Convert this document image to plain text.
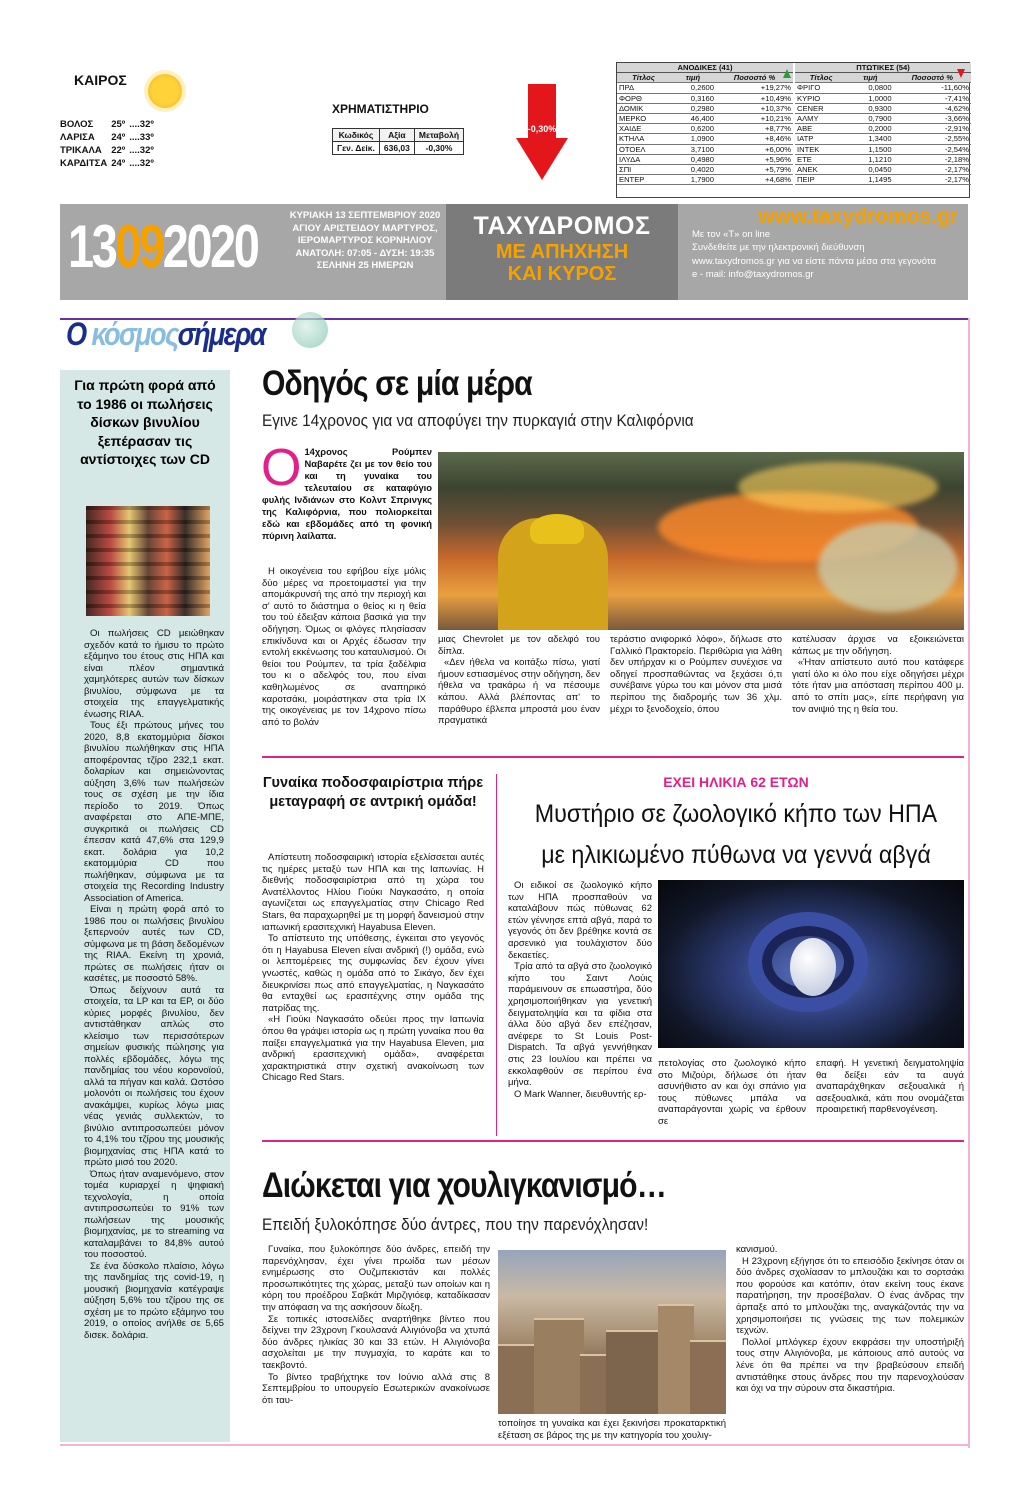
ΚΑΙΡΟΣ
ΒΟΛΟΣ	25º	....32º
ΛΑΡΙΣΑ	24º	....33º
ΤΡΙΚΑΛΑ	22º	....32º
ΚΑΡΔΙΤΣΑ	24º	....32º
ΧΡΗΜΑΤΙΣΤΗΡΙΟ
Κωδικός	Αξία	Μεταβολή
Γεν. Δείκ.	636,03	-0,30%
-0,30%
ΑΝΟΔΙΚΕΣ (41)		
Τίτλος	τιμή	Ποσοστό %
ΠΡΔ	0,2600	+19,27%
ΦΟΡΘ	0,3160	+10,49%
ΔΟΜΙΚ	0,2980	+10,37%
ΜΕΡΚΟ	46,400	+10,21%
ΧΑΙΔΕ	0,6200	+8,77%
ΚΤΗΛΑ	1,0900	+8,46%
ΟΤΟΕΛ	3,7100	+6,00%
ΙΛΥΔΑ	0,4980	+5,96%
ΣΠΙ	0,4020	+5,79%
ΕΝΤΕΡ	1,7900	+4,68%
ΠΤΩΤΙΚΕΣ (54)		
Τίτλος	τιμή	Ποσοστό %
ΦΡΙΓΟ	0,0800	-11,60%
ΚΥΡΙΟ	1,0000	-7,41%
CENER	0,9300	-4,62%
ΑΛΜΥ	0,7900	-3,66%
ΑΒΕ	0,2000	-2,91%
ΙΑΤΡ	1,3400	-2,55%
ΙΝΤΕΚ	1,1500	-2,54%
ΕΤΕ	1,1210	-2,18%
ΑΝΕΚ	0,0450	-2,17%
ΠΕΙΡ	1,1495	-2,17%
13092020	ΚΥΡΙΑΚΗ 13 ΣΕΠΤΕΜΒΡΙΟΥ 2020
ΑΓΙΟΥ ΑΡΙΣΤΕΙΔΟΥ ΜΑΡΤΥΡΟΣ,
ΙΕΡΟΜΑΡΤΥΡΟΣ ΚΟΡΝΗΛΙΟΥ
ΑΝΑΤΟΛΗ: 07:05 - ΔΥΣΗ: 19:35
ΣΕΛΗΝΗ 25 ΗΜΕΡΩΝ
ΤΑΧΥΔΡΟΜΟΣ
ΜΕ ΑΠΗΧΗΣΗ
ΚΑΙ ΚΥΡΟΣ
www.taxydromos.gr
Με τον «Τ» on line
Συνδεθείτε με την ηλεκτρονική διεύθυνση
www.taxydromos.gr για να είστε πάντα μέσα στα γεγονότα
e - mail: info@taxydromos.gr
Ο κόσμοςσήμερα
Για πρώτη φορά από το 1986 οι πωλήσεις δίσκων βινυλίου ξεπέρασαν τις αντίστοιχες των CD

Οι πωλήσεις CD μειώθηκαν σχεδόν κατά το ήμισυ το πρώτο εξάμηνο του έτους στις ΗΠΑ και είναι πλέον σημαντικά χαμηλότερες αυτών των δίσκων βινυλίου, σύμφωνα με τα στοιχεία της επαγγελματικής ένωσης RIAA.

Τους έξι πρώτους μήνες του 2020, 8,8 εκατομμύρια δίσκοι βινυλίου πωλήθηκαν στις ΗΠΑ αποφέροντας τζίρο 232,1 εκατ. δολαρίων και σημειώνοντας αύξηση 3,6% των πωλήσεών τους σε σχέση με την ίδια περίοδο το 2019. Όπως αναφέρεται στο ΑΠΕ-ΜΠΕ, συγκριτικά οι πωλήσεις CD έπεσαν κατά 47,6% στα 129,9 εκατ. δολάρια για 10,2 εκατομμύρια CD που πωλήθηκαν, σύμφωνα με τα στοιχεία της Recording Industry Association of America.

Είναι η πρώτη φορά από το 1986 που οι πωλήσεις βινυλίου ξεπερνούν αυτές των CD, σύμφωνα με τη βάση δεδομένων της RIAA. Εκείνη τη χρονιά, πρώτες σε πωλήσεις ήταν οι κασέτες, με ποσοστό 58%.

Όπως δείχνουν αυτά τα στοιχεία, τα LP και τα EP, οι δύο κύριες μορφές βινυλίου, δεν αντιστάθηκαν απλώς στο κλείσιμο των περισσότερων σημείων φυσικής πώλησης για πολλές εβδομάδες, λόγω της πανδημίας του νέου κορονοϊού, αλλά τα πήγαν και καλά. Ωστόσο μολονότι οι πωλήσεις του έχουν ανακάμψει, κυρίως λόγω μιας νέας γενιάς συλλεκτών, το βινύλιο αντιπροσωπεύει μόνον το 4,1% του τζίρου της μουσικής βιομηχανίας στις ΗΠΑ κατά το πρώτο μισό του 2020.

Όπως ήταν αναμενόμενο, στον τομέα κυριαρχεί η ψηφιακή τεχνολογία, η οποία αντιπροσωπεύει το 91% των πωλήσεων της μουσικής βιομηχανίας, με το streaming να καταλαμβάνει το 84,8% αυτού του ποσοστού.

Σε ένα δύσκολο πλαίσιο, λόγω της πανδημίας της covid-19, η μουσική βιομηχανία κατέγραψε αύξηση 5,6% του τζίρου της σε σχέση με το πρώτο εξάμηνο του 2019, ο οποίος ανήλθε σε 5,65 δισεκ. δολάρια.

Οδηγός σε μία μέρα
Εγινε 14χρονος για να αποφύγει την πυρκαγιά στην Καλιφόρνια
Ο 14χρονος Ρούμπεν Ναβαρέτε ζει με τον θείο του και τη γυναίκα του τελευταίου σε καταφύγιο φυλής Ινδιάνων στο Κολντ Σπρινγκς της Καλιφόρνια, που πολιορκείται εδώ και εβδομάδες από τη φονική πύρινη λαίλαπα.

Η οικογένεια του εφήβου είχε μόλις δύο μέρες να προετοιμαστεί για την απομάκρυνσή της από την περιοχή και σ' αυτό το διάστημα ο θείος κι η θεία του τού έδειξαν κάποια βασικά για την οδήγηση. Όμως οι φλόγες πλησίασαν επικίνδυνα και οι Αρχές έδωσαν την εντολή εκκένωσης του καταυλισμού. Οι θείοι του Ρούμπεν, τα τρία ξαδέλφια του κι ο αδελφός του, που είναι καθηλωμένος σε αναπηρικό καροτσάκι, μοιράστηκαν στα τρία ΙΧ της οικογένειας με τον 14χρονο πίσω από το βολάν

μιας Chevrolet με τον αδελφό του δίπλα.

«Δεν ήθελα να κοιτάξω πίσω, γιατί ήμουν εστιασμένος στην οδήγηση, δεν ήθελα να τρακάρω ή να πέσουμε κάπου. Αλλά βλέποντας απ' το παράθυρο έβλεπα μπροστά μου έναν πραγματικά

τεράστιο ανιφορικό λόφο», δήλωσε στο Γαλλικό Πρακτορείο. Περιθώρια για λάθη δεν υπήρχαν κι ο Ρούμπεν συνέχισε να οδηγεί προσπαθώντας να ξεχάσει ό,τι συνέβαινε γύρω του και μόνον στα μισά περίπου της διαδρομής των 36 χλμ. μέχρι το ξενοδοχείο, όπου

κατέλυσαν άρχισε να εξοικειώνεται κάπως με την οδήγηση.

«Ήταν απίστευτο αυτό που κατάφερε γιατί όλο κι όλο που είχε οδηγήσει μέχρι τότε ήταν μια απόσταση περίπου 400 μ. από το σπίτι μας», είπε περήφανη για τον ανιψιό της η θεία του.

Γυναίκα ποδοσφαιρίστρια πήρε μεταγραφή σε αντρική ομάδα!

Απίστευτη ποδοσφαιρική ιστορία εξελίσσεται αυτές τις ημέρες μεταξύ των ΗΠΑ και της Ιαπωνίας. Η διεθνής ποδοσφαιρίστρια από τη χώρα του Ανατέλλοντος Ηλίου Γιούκι Ναγκασάτο, η οποία αγωνίζεται ως επαγγελματίας στην Chicago Red Stars, θα παραχωρηθεί με τη μορφή δανεισμού στην ιαπωνική ερασιτεχνική Hayabusa Eleven.

Το απίστευτο της υπόθεσης, έγκειται στο γεγονός ότι η Hayabusa Eleven είναι ανδρική (!) ομάδα, ενώ οι λεπτομέρειες της συμφωνίας δεν έχουν γίνει γνωστές, καθώς η ομάδα από το Σικάγο, δεν έχει διευκρινίσει πως από επαγγελματίας, η Ναγκασάτο θα ενταχθεί ως ερασιτέχνης στην ομάδα της πατρίδας της.

«Η Γιούκι Ναγκασάτο οδεύει προς την Ιαπωνία όπου θα γράψει ιστορία ως η πρώτη γυναίκα που θα παίξει επαγγελματικά για την Hayabusa Eleven, μια ανδρική ερασιτεχνική ομάδα», αναφέρεται χαρακτηριστικά στην σχετική ανακοίνωση των Chicago Red Stars.

ΕΧΕΙ ΗΛΙΚΙΑ 62 ΕΤΩΝ
Μυστήριο σε ζωολογικό κήπο των ΗΠΑ
με ηλικιωμένο πύθωνα να γεννά αβγά

Οι ειδικοί σε ζωολογικό κήπο των ΗΠΑ προσπαθούν να καταλάβουν πώς πύθωνας 62 ετών γέννησε επτά αβγά, παρά το γεγονός ότι δεν βρέθηκε κοντά σε αρσενικό για τουλάχιστον δύο δεκαετίες.

Τρία από τα αβγά στο ζωολογικό κήπο του Σαιντ Λούις παράμεινουν σε επωαστήρα, δύο χρησιμοποιήθηκαν για γενετική δειγματοληψία και τα φίδια στα άλλα δύο αβγά δεν επέζησαν, ανέφερε το St Louis Post-Dispatch. Τα αβγά γεννήθηκαν στις 23 Ιουλίου και πρέπει να εκκολαφθούν σε περίπου ένα μήνα.

Ο Mark Wanner, διευθυντής ερ-

πετολογίας στο ζωολογικό κήπο στο Μιζούρι, δήλωσε ότι ήταν ασυνήθιστο αν και όχι σπάνιο για τους πύθωνες μπάλα να αναπαράγονται χωρίς να έρθουν σε

επαφή. Η γενετική δειγματοληψία θα δείξει εάν τα αυγά αναπαράχθηκαν σεξουαλικά ή ασεξουαλικά, κάτι που ονομάζεται προαιρετική παρθενογένεση.

Διώκεται για χουλιγκανισμό…
Επειδή ξυλοκόπησε δύο άντρες, που την παρενόχλησαν!

Γυναίκα, που ξυλοκόπησε δύο άνδρες, επειδή την παρενόχλησαν, έχει γίνει πρωίδα των μέσων ενημέρωσης στο Ουζμπεκιστάν και πολλές προσωπικότητες της χώρας, μεταξύ των οποίων και η κόρη του προέδρου Σαβκάτ Μιρζιγιόεφ, καταδίκασαν την απόφαση να της ασκήσουν δίωξη.

Σε τοπικές ιστοσελίδες αναρτήθηκε βίντεο που δείχνει την 23χρονη Γκουλσανά Αλιγιόνοβα να χτυπά δύο άνδρες ηλικίας 30 και 33 ετών. Η Αλιγιόνοβα ασχολείται με την πυγμαχία, το καράτε και το ταεκβοντό.

Το βίντεο τραβήχτηκε τον Ιούνιο αλλά στις 8 Σεπτεμβρίου το υπουργείο Εσωτερικών ανακοίνωσε ότι ταυ-

τοποίησε τη γυναίκα και έχει ξεκινήσει προκαταρκτική εξέταση σε βάρος της με την κατηγορία του χουλιγ-

κανισμού.

Η 23χρονη εξήγησε ότι το επεισόδιο ξεκίνησε όταν οι δύο άνδρες σχολίασαν το μπλουζάκι και το σορτσάκι που φορούσε και κατόπιν, όταν εκείνη τους έκανε παρατήρηση, την προσέβαλαν. Ο ένας άνδρας την άρπαξε από το μπλουζάκι της, αναγκάζοντάς την να χρησιμοποιήσει τις γνώσεις της των πολεμικών τεχνών.

Πολλοί μπλόγκερ έχουν εκφράσει την υποστήριξή τους στην Αλιγιόνοβα, με κάποιους από αυτούς να λένε ότι θα πρέπει να την βραβεύσουν επειδή αντιστάθηκε στους άνδρες που την παρενοχλούσαν και όχι να την σύρουν στα δικαστήρια.
